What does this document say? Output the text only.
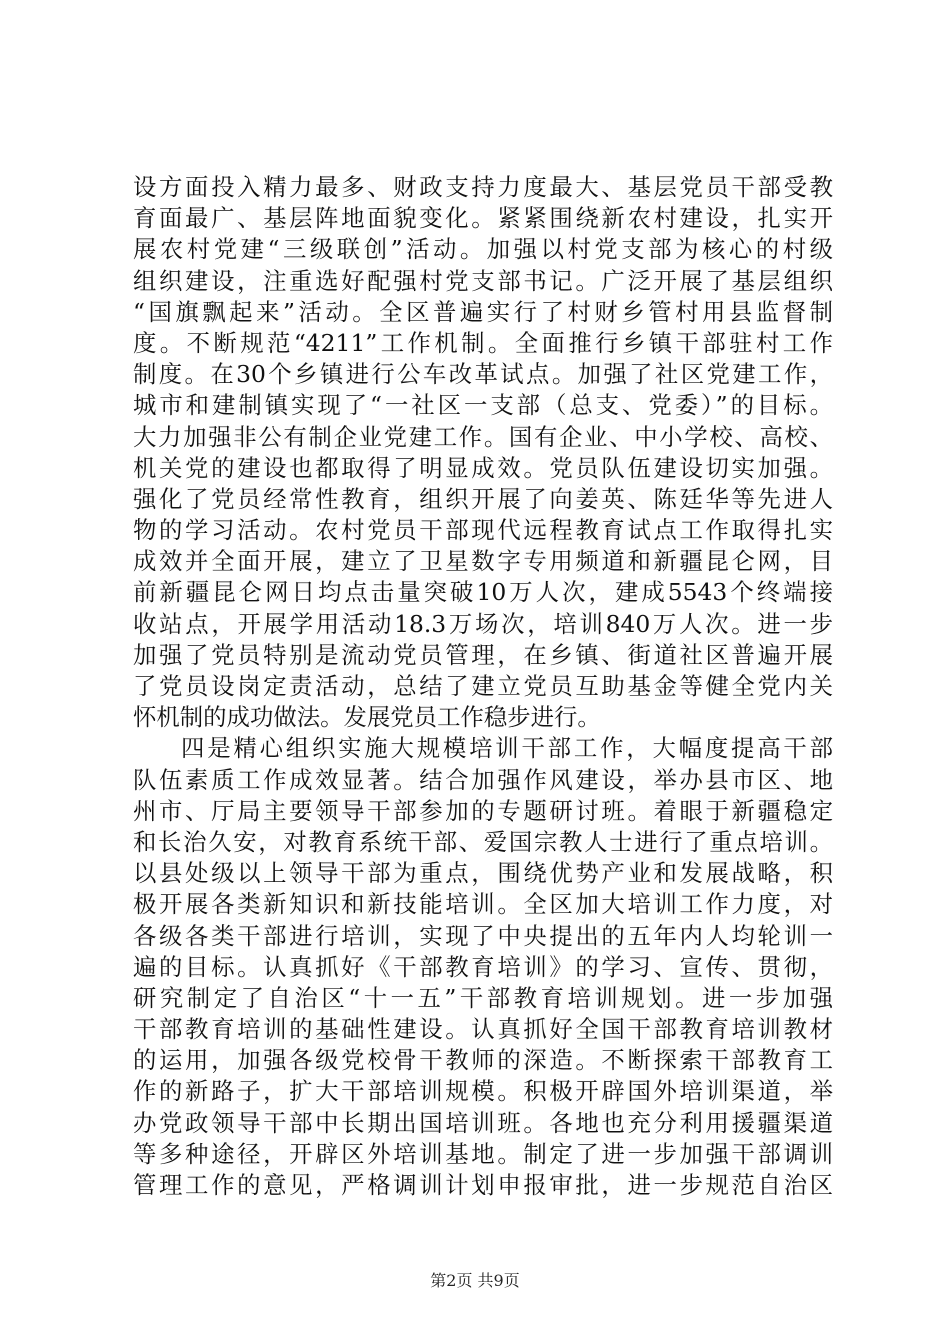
设方面投入精力最多、财政支持力度最大、基层党员干部受教
育面最广、基层阵地面貌变化。紧紧围绕新农村建设，扎实开
展农村党建“三级联创”活动。加强以村党支部为核心的村级
组织建设，注重选好配强村党支部书记。广泛开展了基层组织
“国旗飘起来”活动。全区普遍实行了村财乡管村用县监督制
度。不断规范“4211”工作机制。全面推行乡镇干部驻村工作
制度。在30个乡镇进行公车改革试点。加强了社区党建工作，
城市和建制镇实现了“一社区一支部（总支、党委）”的目标。
大力加强非公有制企业党建工作。国有企业、中小学校、高校、
机关党的建设也都取得了明显成效。党员队伍建设切实加强。
强化了党员经常性教育，组织开展了向姜英、陈廷华等先进人
物的学习活动。农村党员干部现代远程教育试点工作取得扎实
成效并全面开展，建立了卫星数字专用频道和新疆昆仑网，目
前新疆昆仑网日均点击量突破10万人次，建成5543个终端接
收站点，开展学用活动18.3万场次，培训840万人次。进一步
加强了党员特别是流动党员管理，在乡镇、街道社区普遍开展
了党员设岗定责活动，总结了建立党员互助基金等健全党内关
怀机制的成功做法。发展党员工作稳步进行。
四是精心组织实施大规模培训干部工作，大幅度提高干部
队伍素质工作成效显著。结合加强作风建设，举办县市区、地
州市、厅局主要领导干部参加的专题研讨班。着眼于新疆稳定
和长治久安，对教育系统干部、爱国宗教人士进行了重点培训。
以县处级以上领导干部为重点，围绕优势产业和发展战略，积
极开展各类新知识和新技能培训。全区加大培训工作力度，对
各级各类干部进行培训，实现了中央提出的五年内人均轮训一
遍的目标。认真抓好《干部教育培训》的学习、宣传、贯彻，
研究制定了自治区“十一五”干部教育培训规划。进一步加强
干部教育培训的基础性建设。认真抓好全国干部教育培训教材
的运用，加强各级党校骨干教师的深造。不断探索干部教育工
作的新路子，扩大干部培训规模。积极开辟国外培训渠道，举
办党政领导干部中长期出国培训班。各地也充分利用援疆渠道
等多种途径，开辟区外培训基地。制定了进一步加强干部调训
管理工作的意见，严格调训计划申报审批，进一步规范自治区
第2页 共9页
